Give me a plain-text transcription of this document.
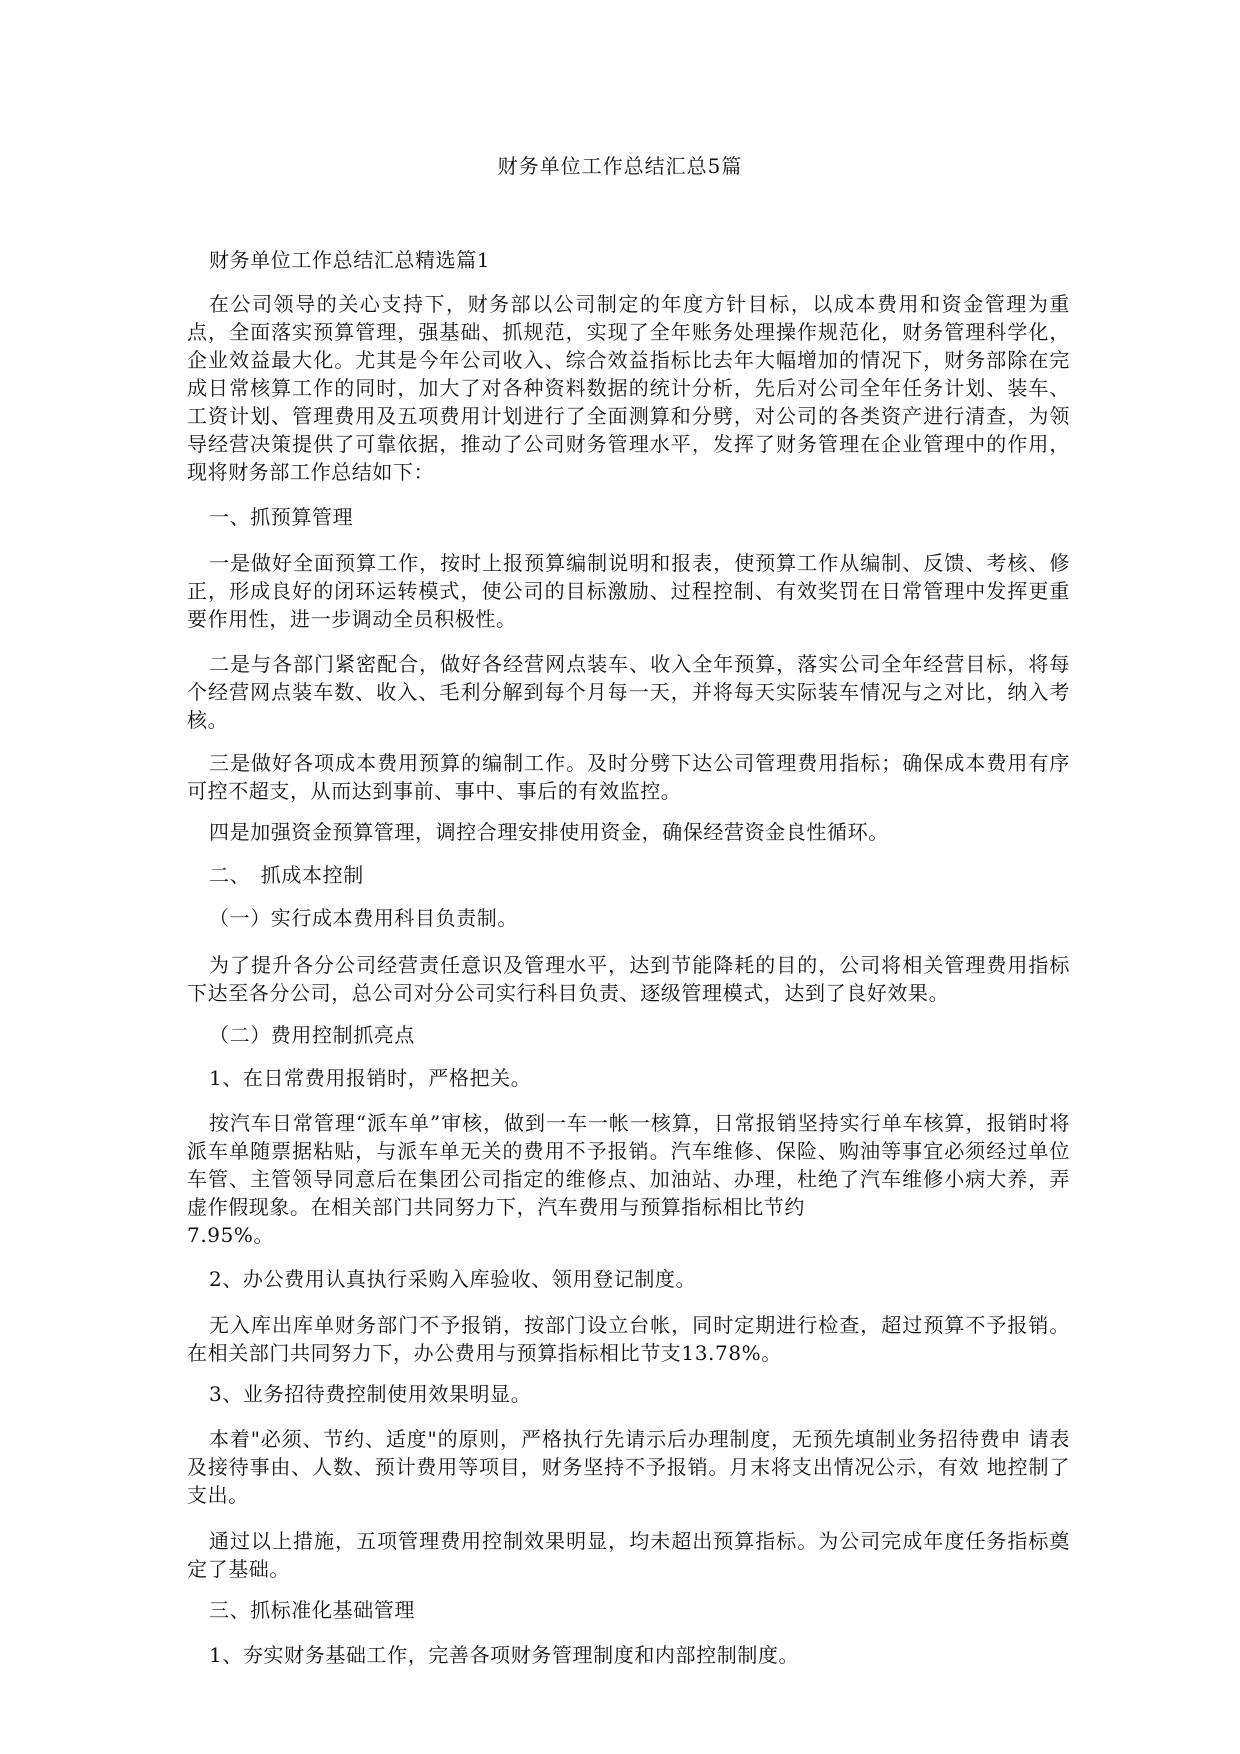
财务单位工作总结汇总5篇
财务单位工作总结汇总精选篇1
在公司领导的关心支持下，财务部以公司制定的年度方针目标，以成本费用和资金管理为重点，全面落实预算管理，强基础、抓规范，实现了全年账务处理操作规范化，财务管理科学化，企业效益最大化。尤其是今年公司收入、综合效益指标比去年大幅增加的情况下，财务部除在完成日常核算工作的同时，加大了对各种资料数据的统计分析，先后对公司全年任务计划、装车、工资计划、管理费用及五项费用计划进行了全面测算和分劈，对公司的各类资产进行清查，为领导经营决策提供了可靠依据，推动了公司财务管理水平，发挥了财务管理在企业管理中的作用，现将财务部工作总结如下：
一、抓预算管理
一是做好全面预算工作，按时上报预算编制说明和报表，使预算工作从编制、反馈、考核、修正，形成良好的闭环运转模式，使公司的目标激励、过程控制、有效奖罚在日常管理中发挥更重要作用性，进一步调动全员积极性。
二是与各部门紧密配合，做好各经营网点装车、收入全年预算，落实公司全年经营目标，将每个经营网点装车数、收入、毛利分解到每个月每一天，并将每天实际装车情况与之对比，纳入考核。
三是做好各项成本费用预算的编制工作。及时分劈下达公司管理费用指标；确保成本费用有序可控不超支，从而达到事前、事中、事后的有效监控。
四是加强资金预算管理，调控合理安排使用资金，确保经营资金良性循环。
二、　抓成本控制
（一）实行成本费用科目负责制。
为了提升各分公司经营责任意识及管理水平，达到节能降耗的目的，公司将相关管理费用指标下达至各分公司，总公司对分公司实行科目负责、逐级管理模式，达到了良好效果。
（二）费用控制抓亮点
1、在日常费用报销时，严格把关。
按汽车日常管理“派车单”审核，做到一车一帐一核算，日常报销坚持实行单车核算，报销时将派车单随票据粘贴，与派车单无关的费用不予报销。汽车维修、保险、购油等事宜必须经过单位车管、主管领导同意后在集团公司指定的维修点、加油站、办理，杜绝了汽车维修小病大养，弄虚作假现象。在相关部门共同努力下，汽车费用与预算指标相比节约
7.95%。
2、办公费用认真执行采购入库验收、领用登记制度。
无入库出库单财务部门不予报销，按部门设立台帐，同时定期进行检查，超过预算不予报销。在相关部门共同努力下，办公费用与预算指标相比节支13.78%。
3、业务招待费控制使用效果明显。
本着"必须、节约、适度"的原则，严格执行先请示后办理制度，无预先填制业务招待费申 请表及接待事由、人数、预计费用等项目，财务坚持不予报销。月末将支出情况公示，有效 地控制了支出。
通过以上措施，五项管理费用控制效果明显，均未超出预算指标。为公司完成年度任务指标奠定了基础。
三、抓标准化基础管理
1、夯实财务基础工作，完善各项财务管理制度和内部控制制度。
